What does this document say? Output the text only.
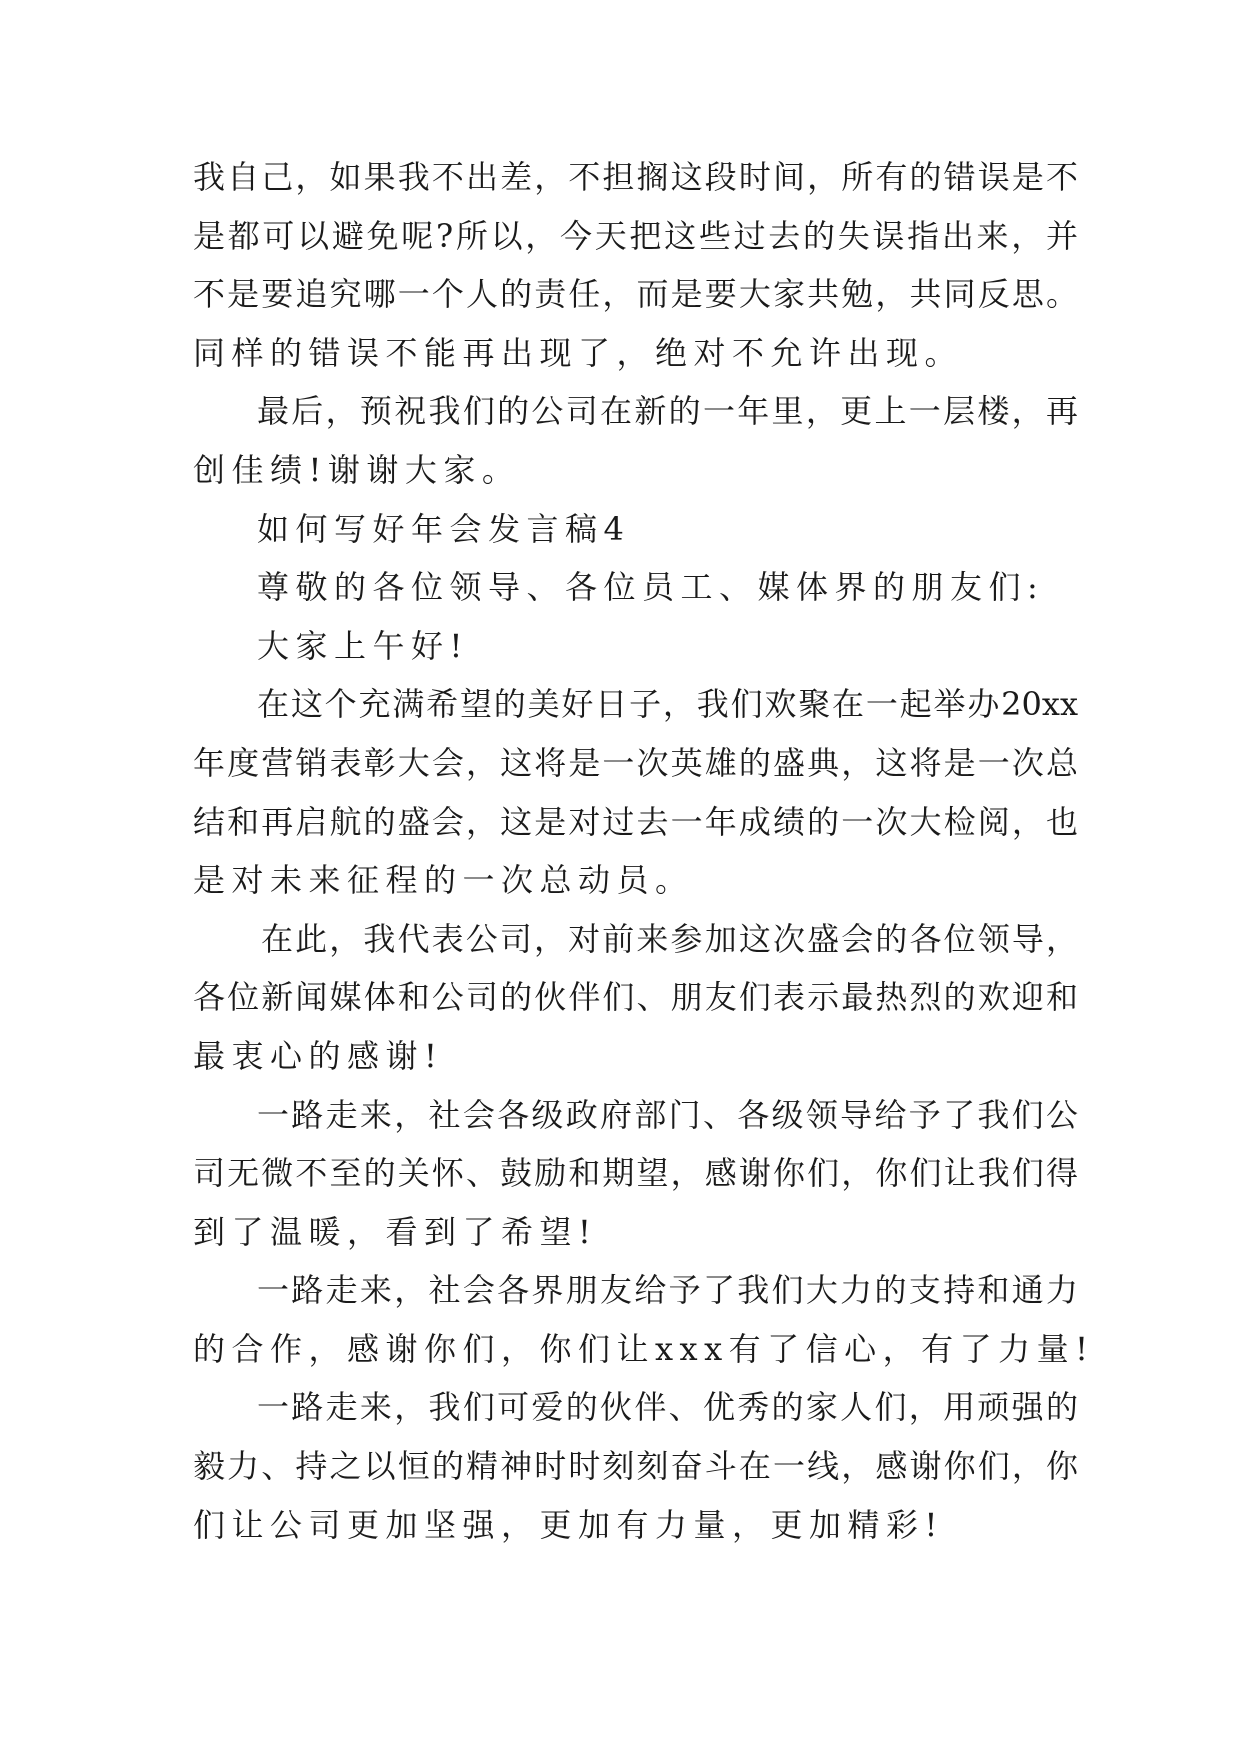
我自己，如果我不出差，不担搁这段时间，所有的错误是不
是都可以避免呢?所以，今天把这些过去的失误指出来，并
不是要追究哪一个人的责任，而是要大家共勉，共同反思。
同样的错误不能再出现了，绝对不允许出现。
最后，预祝我们的公司在新的一年里，更上一层楼，再
创佳绩!谢谢大家。
如何写好年会发言稿4
尊敬的各位领导、各位员工、媒体界的朋友们:
大家上午好!
在这个充满希望的美好日子，我们欢聚在一起举办20xx
年度营销表彰大会，这将是一次英雄的盛典，这将是一次总
结和再启航的盛会，这是对过去一年成绩的一次大检阅，也
是对未来征程的一次总动员。
在此，我代表公司，对前来参加这次盛会的各位领导，
各位新闻媒体和公司的伙伴们、朋友们表示最热烈的欢迎和
最衷心的感谢!
一路走来，社会各级政府部门、各级领导给予了我们公
司无微不至的关怀、鼓励和期望，感谢你们，你们让我们得
到了温暖，看到了希望!
一路走来，社会各界朋友给予了我们大力的支持和通力
的合作，感谢你们，你们让xxx有了信心，有了力量!
一路走来，我们可爱的伙伴、优秀的家人们，用顽强的
毅力、持之以恒的精神时时刻刻奋斗在一线，感谢你们，你
们让公司更加坚强，更加有力量，更加精彩!
